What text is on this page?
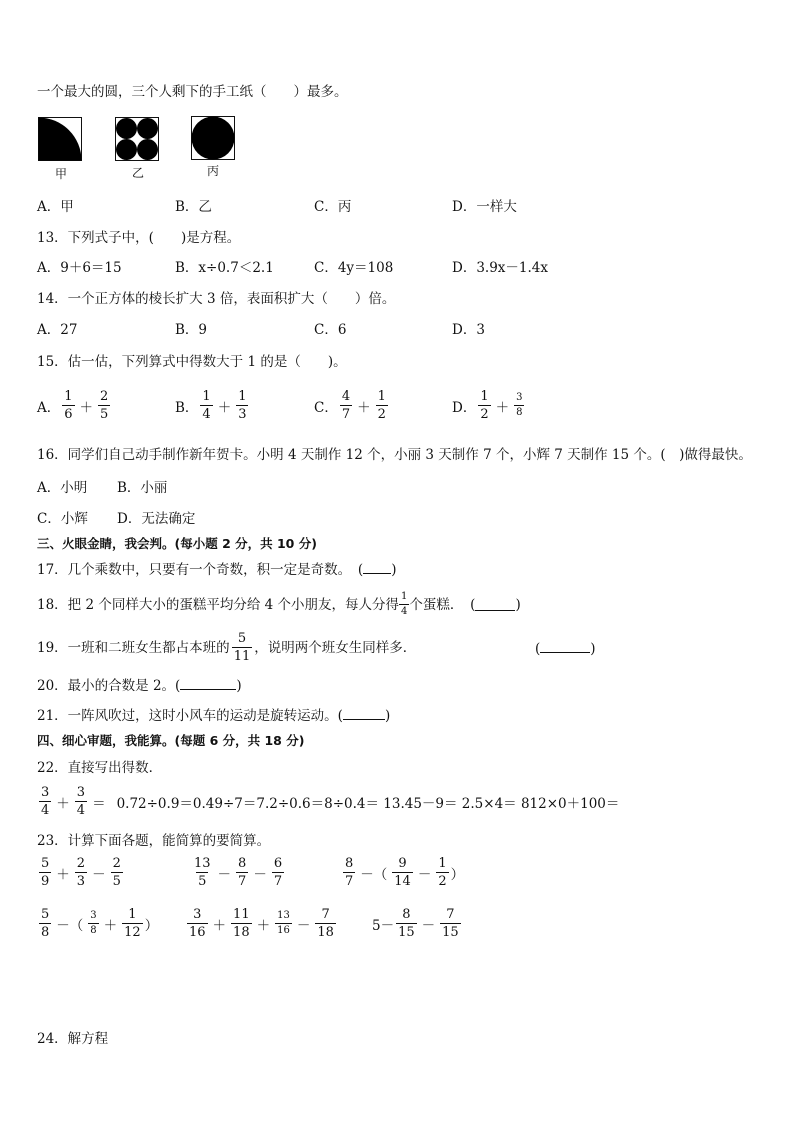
一个最大的圆，三个人剩下的手工纸（　　）最多。
甲	乙	丙
A．甲	B．乙	C．丙	D．一样大
13．下列式子中，(　　)是方程。
A．9＋6＝15	B．x÷0.7＜2.1	C．4y＝108	D．3.9x－1.4x
14．一个正方体的棱长扩大 3 倍，表面积扩大（　　）倍。
A．27	B．9	C．6	D．3
15．估一估，下列算式中得数大于 1 的是（　　)。
A． $\frac{1}{6} + \frac{2}{5}$	B． $\frac{1}{4} + \frac{1}{3}$	C． $\frac{4}{7} + \frac{1}{2}$	D． $\frac{1}{2} + \frac{3}{8}$
16．同学们自己动手制作新年贺卡。小明 4 天制作 12 个，小丽 3 天制作 7 个，小辉 7 天制作 15 个。(　)做得最快。
A．小明 B．小丽
C．小辉 D．无法确定
三、火眼金睛，我会判。(每小题 2 分，共 10 分)
17．几个乘数中，只要有一个奇数，积一定是奇数。　( )
18．把 2 个同样大小的蛋糕平均分给 4 个小朋友，每人分得 $\frac{1}{4}$ 个蛋糕．　(	)
19．一班和二班女生都占本班的 $\frac{5}{11}$ ，说明两个班女生同样多．	(	)
20．最小的合数是 2。(	)
21．一阵风吹过，这时小风车的运动是旋转运动。(	)
四、细心审题，我能算。(每题 6 分，共 18 分)
22．直接写出得数．
$\frac{3}{4} + \frac{3}{4} = 0.72\div 0.9=0.49\div 7=7.2\div 0.6=8\div 0.4= 13.45-9= 2.5\times 4= 812\times 0+100=$
23．计算下面各题，能简算的要简算。
$\frac{5}{9} + \frac{2}{3} - \frac{2}{5}$	$\frac{13}{5} - \frac{8}{7} - \frac{6}{7}$	$\frac{8}{7}$ －（ $\frac{9}{14} - \frac{1}{2}$ ）
$\frac{5}{8}$ －（ $\frac{3}{8} + \frac{1}{12}$ ） $\frac{3}{16} + \frac{11}{18} + \frac{13}{16} - \frac{7}{18}$	$5- \frac{8}{15} - \frac{7}{15}$
24．解方程
